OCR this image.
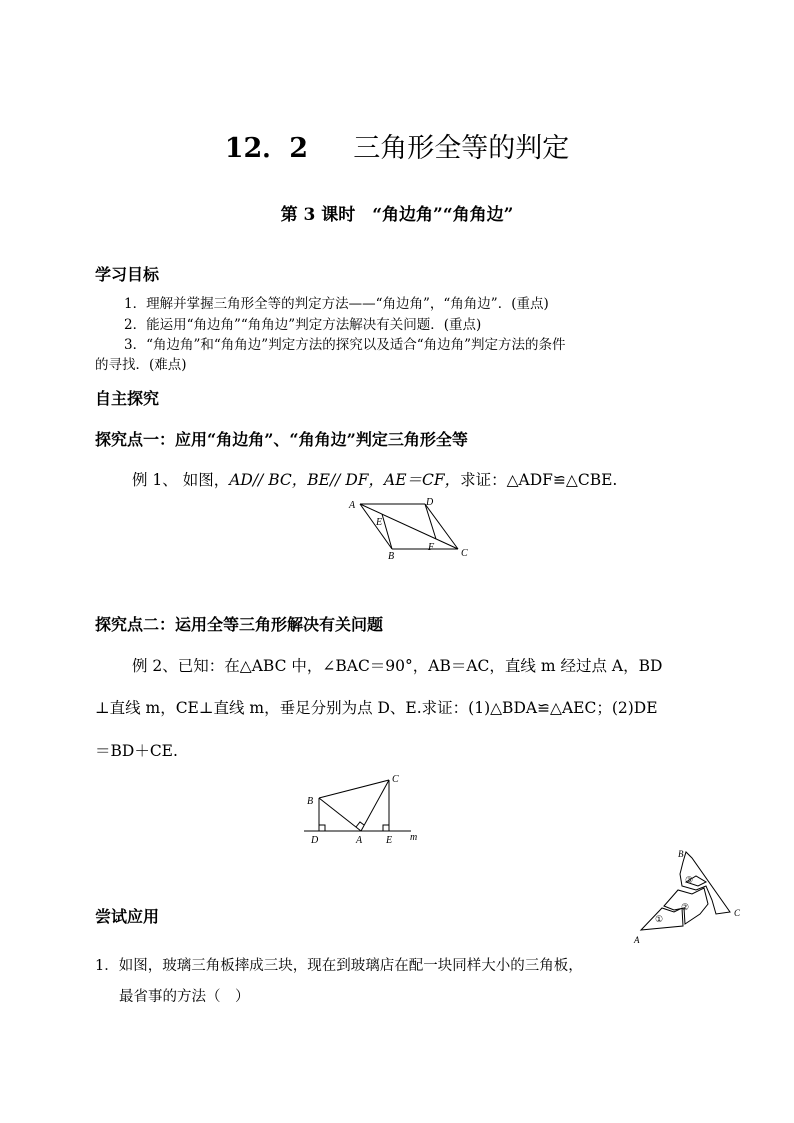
12．2 三角形全等的判定
第 3 课时　“角边角”“角角边”
学习目标
1．理解并掌握三角形全等的判定方法——“角边角”，“角角边”．(重点)
2．能运用“角边角”“角角边”判定方法解决有关问题．(重点)
3．“角边角”和“角角边”判定方法的探究以及适合“角边角”判定方法的条件
的寻找．(难点)
自主探究
探究点一：应用“角边角”、“角角边”判定三角形全等
例 1、 如图，AD// BC，BE// DF，AE＝CF，求证：△ADF≌△CBE.
A	D
E
B
F
C
探究点二：运用全等三角形解决有关问题
例 2、已知：在△ABC 中，∠BAC＝90°，AB＝AC，直线 m 经过点 A，BD
⊥直线 m，CE⊥直线 m，垂足分别为点 D、E.求证：(1)△BDA≌△AEC；(2)DE
＝BD＋CE.
C
B
D	A E m
B
A
C
①
②
③
尝试应用
1．如图，玻璃三角板摔成三块，现在到玻璃店在配一块同样大小的三角板，
最省事的方法（　）
